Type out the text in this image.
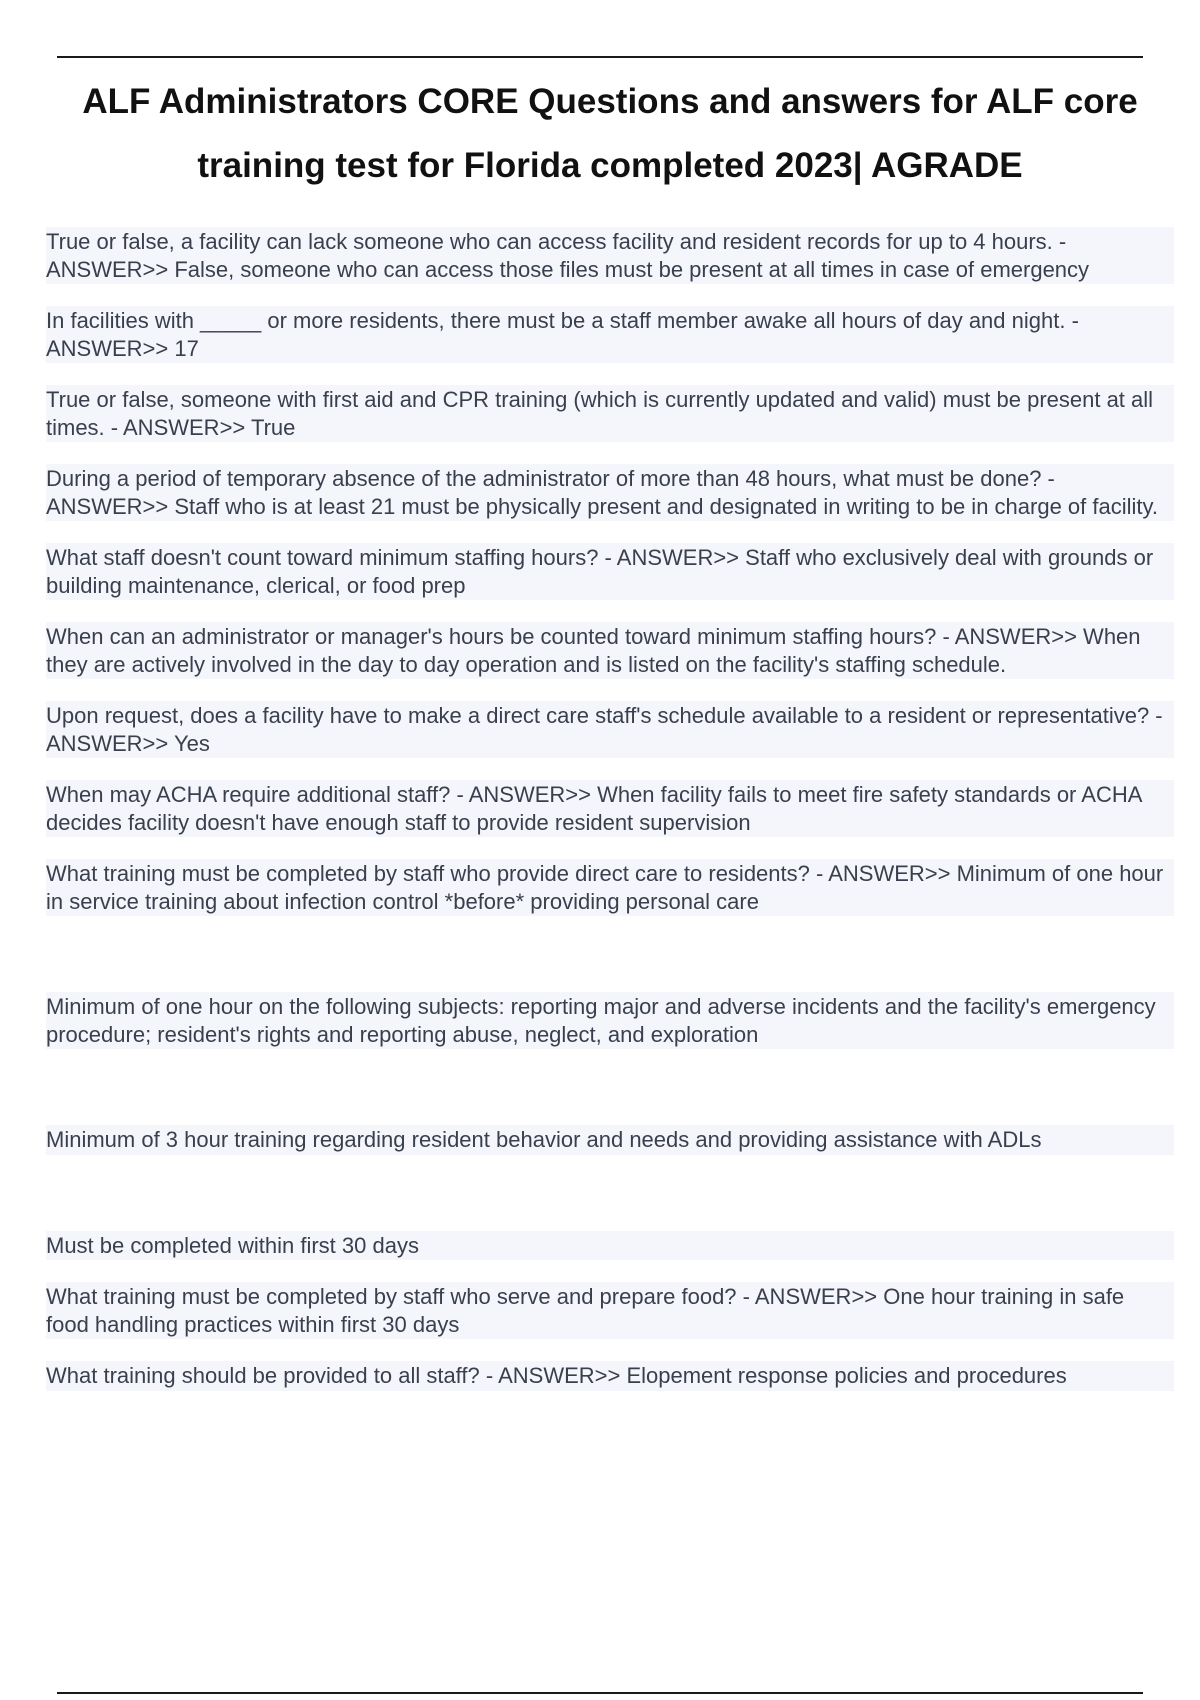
ALF Administrators CORE Questions and answers for ALF core training test for Florida completed 2023| AGRADE

True or false, a facility can lack someone who can access facility and resident records for up to 4 hours. - ANSWER>> False, someone who can access those files must be present at all times in case of emergency

In facilities with _____ or more residents, there must be a staff member awake all hours of day and night. - ANSWER>> 17

True or false, someone with first aid and CPR training (which is currently updated and valid) must be present at all times. - ANSWER>> True

During a period of temporary absence of the administrator of more than 48 hours, what must be done? - ANSWER>> Staff who is at least 21 must be physically present and designated in writing to be in charge of facility.

What staff doesn't count toward minimum staffing hours? - ANSWER>> Staff who exclusively deal with grounds or building maintenance, clerical, or food prep

When can an administrator or manager's hours be counted toward minimum staffing hours? - ANSWER>> When they are actively involved in the day to day operation and is listed on the facility's staffing schedule.

Upon request, does a facility have to make a direct care staff's schedule available to a resident or representative? - ANSWER>> Yes

When may ACHA require additional staff? - ANSWER>> When facility fails to meet fire safety standards or ACHA decides facility doesn't have enough staff to provide resident supervision

What training must be completed by staff who provide direct care to residents? - ANSWER>> Minimum of one hour in service training about infection control *before* providing personal care

Minimum of one hour on the following subjects: reporting major and adverse incidents and the facility's emergency procedure; resident's rights and reporting abuse, neglect, and exploration

Minimum of 3 hour training regarding resident behavior and needs and providing assistance with ADLs

Must be completed within first 30 days

What training must be completed by staff who serve and prepare food? - ANSWER>> One hour training in safe food handling practices within first 30 days

What training should be provided to all staff? - ANSWER>> Elopement response policies and procedures
